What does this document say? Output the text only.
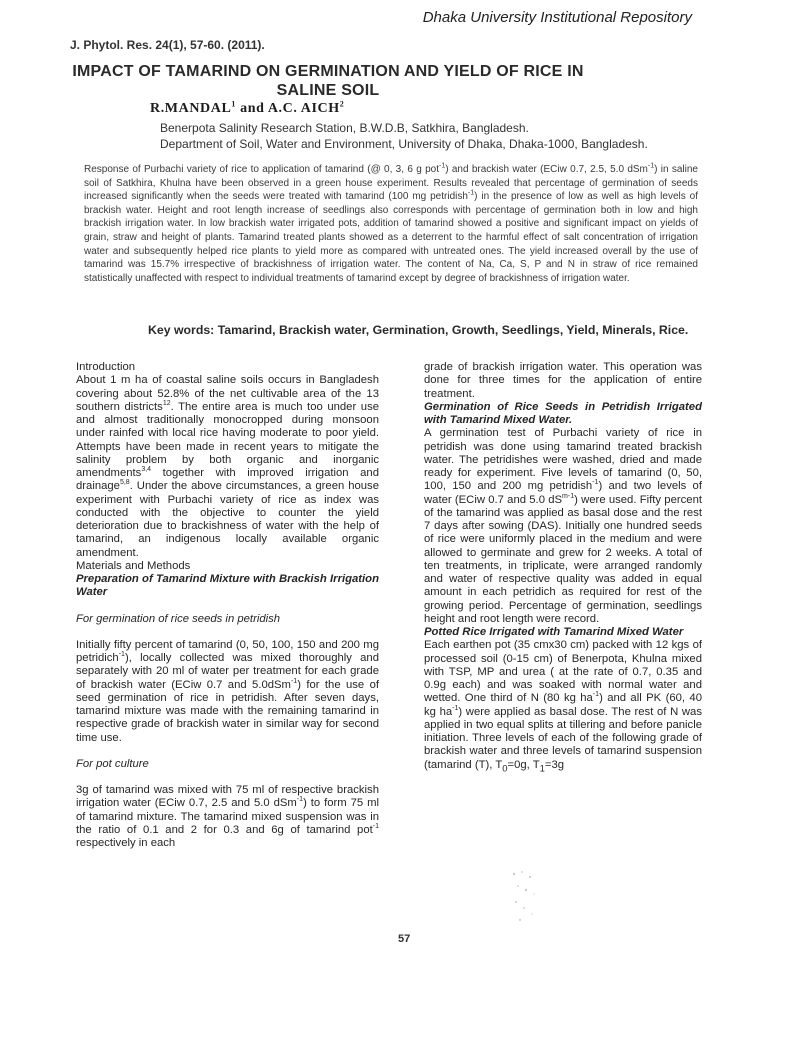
Dhaka University Institutional Repository
J. Phytol. Res. 24(1), 57-60. (2011).
IMPACT OF TAMARIND ON GERMINATION AND YIELD OF RICE IN
SALINE SOIL
R.MANDAL$^1$ and A.C. AICH$^2$
Benerpota Salinity Research Station, B.W.D.B, Satkhira, Bangladesh.
Department of Soil, Water and Environment, University of Dhaka, Dhaka-1000, Bangladesh.
Response of Purbachi variety of rice to application of tamarind (@ 0, 3, 6 g pot$^{-1}$) and brackish water (ECiw 0.7, 2.5, 5.0 dSm$^{-1}$) in saline soil of Satkhira, Khulna have been observed in a green house experiment. Results revealed that percentage of germination of seeds increased significantly when the seeds were treated with tamarind (100 mg petridish$^{-1}$) in the presence of low as well as high levels of brackish water. Height and root length increase of seedlings also corresponds with percentage of germination both in low and high brackish irrigation water. In low brackish water irrigated pots, addition of tamarind showed a positive and significant impact on yields of grain, straw and height of plants. Tamarind treated plants showed as a deterrent to the harmful effect of salt concentration of irrigation water and subsequently helped rice plants to yield more as compared with untreated ones. The yield increased overall by the use of tamarind was 15.7% irrespective of brackishness of irrigation water. The content of Na, Ca, S, P and N in straw of rice remained statistically unaffected with respect to individual treatments of tamarind except by degree of brackishness of irrigation water.
Key words: Tamarind, Brackish water, Germination, Growth, Seedlings, Yield, Minerals, Rice.

Introduction

About 1 m ha of coastal saline soils occurs in Bangladesh covering about 52.8% of the net cultivable area of the 13 southern districts$^{12}$. The entire area is much too under use and almost traditionally monocropped during monsoon under rainfed with local rice having moderate to poor yield. Attempts have been made in recent years to mitigate the salinity problem by both organic and inorganic amendments$^{3,4}$ together with improved irrigation and drainage$^{5,8}$. Under the above circumstances, a green house experiment with Purbachi variety of rice as index was conducted with the objective to counter the yield deterioration due to brackishness of water with the help of tamarind, an indigenous locally available organic amendment.

Materials and Methods

Preparation of Tamarind Mixture with Brackish Irrigation Water

For germination of rice seeds in petridish

Initially fifty percent of tamarind (0, 50, 100, 150 and 200 mg petridich$^{-1}$), locally collected was mixed thoroughly and separately with 20 ml of water per treatment for each grade of brackish water (ECiw 0.7 and 5.0dSm$^{-1}$) for the use of seed germination of rice in petridish. After seven days, tamarind mixture was made with the remaining tamarind in respective grade of brackish water in similar way for second time use.

For pot culture

3g of tamarind was mixed with 75 ml of respective brackish irrigation water (ECiw 0.7, 2.5 and 5.0 dSm$^{-1}$) to form 75 ml of tamarind mixture. The tamarind mixed suspension was in the ratio of 0.1 and 2 for 0.3 and 6g of tamarind pot$^{-1}$ respectively in each

grade of brackish irrigation water. This operation was done for three times for the application of entire treatment.

Germination of Rice Seeds in Petridish Irrigated with Tamarind Mixed Water.

A germination test of Purbachi variety of rice in petridish was done using tamarind treated brackish water. The petridishes were washed, dried and made ready for experiment. Five levels of tamarind (0, 50, 100, 150 and 200 mg petridish$^{-1}$) and two levels of water (ECiw 0.7 and 5.0 $dS^{m-1}$) were used. Fifty percent of the tamarind was applied as basal dose and the rest 7 days after sowing (DAS). Initially one hundred seeds of rice were uniformly placed in the medium and were allowed to germinate and grew for 2 weeks. A total of ten treatments, in triplicate, were arranged randomly and water of respective quality was added in equal amount in each petridich as required for rest of the growing period. Percentage of germination, seedlings height and root length were record.

Potted Rice Irrigated with Tamarind Mixed Water

Each earthen pot (35 cmx30 cm) packed with 12 kgs of processed soil (0-15 cm) of Benerpota, Khulna mixed with TSP, MP and urea ( at the rate of 0.7, 0.35 and 0.9g each) and was soaked with normal water and wetted. One third of N (80 kg $ha^{-1}$) and all PK (60, 40 kg $ha^{-1}$) were applied as basal dose. The rest of N was applied in two equal splits at tillering and before panicle initiation. Three levels of each of the following grade of brackish water and three levels of tamarind suspension (tamarind (T), $T_0=0g$, $T_1=3g$

57
